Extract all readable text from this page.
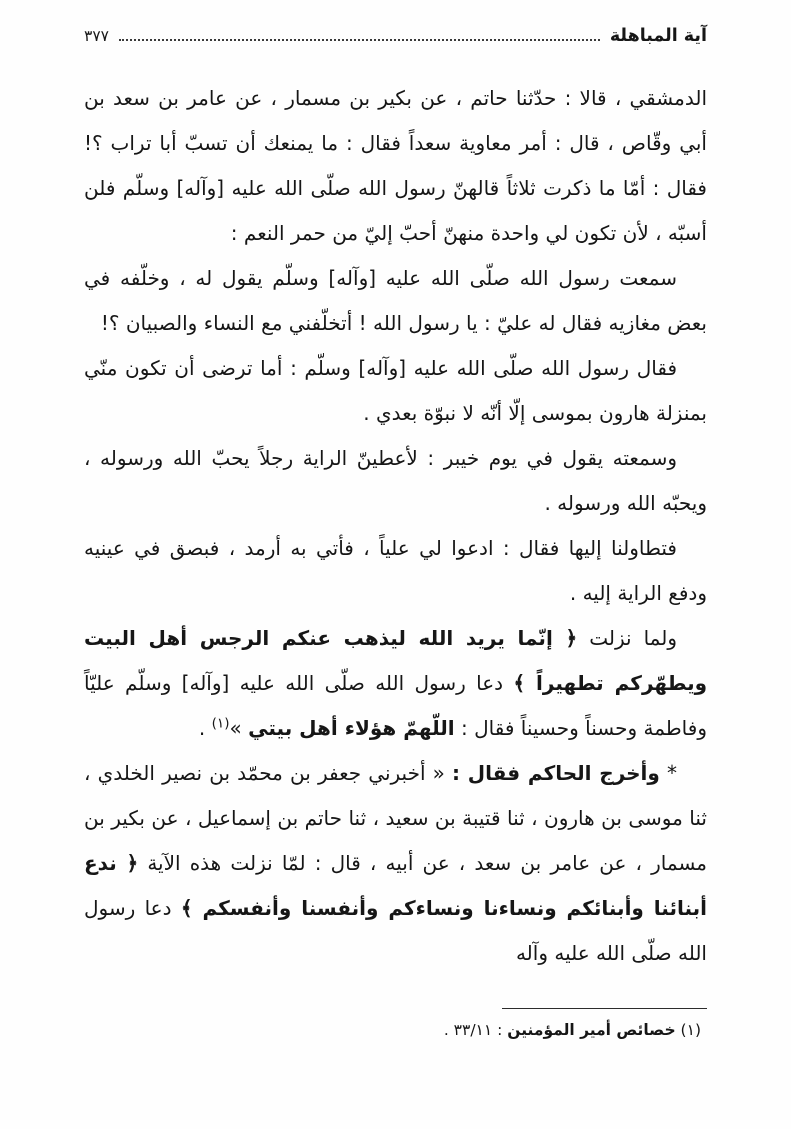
آية المباهلة
٣٧٧

الدمشقي ، قالا : حدّثنا حاتم ، عن بكير بن مسمار ، عن عامر بن سعد بن أبي وقّاص ، قال : أمر معاوية سعداً فقال : ما يمنعك أن تسبّ أبا تراب ؟! فقال : أمّا ما ذكرت ثلاثاً قالهنّ رسول الله صلّى الله عليه [وآله] وسلّم فلن أسبّه ، لأن تكون لي واحدة منهنّ أحبّ إليّ من حمر النعم :

سمعت رسول الله صلّى الله عليه [وآله] وسلّم يقول له ، وخلّفه في بعض مغازيه فقال له عليّ : يا رسول الله ! أتخلّفني مع النساء والصبيان ؟!

فقال رسول الله صلّى الله عليه [وآله] وسلّم : أما ترضى أن تكون منّي بمنزلة هارون بموسى إلّا أنّه لا نبوّة بعدي .

وسمعته يقول في يوم خيبر : لأعطينّ الراية رجلاً يحبّ الله ورسوله ، ويحبّه الله ورسوله .

فتطاولنا إليها فقال : ادعوا لي علياً ، فأتي به أرمد ، فبصق في عينيه ودفع الراية إليه .

ولما نزلت ﴿ إنّما يريد الله ليذهب عنكم الرجس أهل البيت ويطهّركم تطهيراً ﴾ دعا رسول الله صلّى الله عليه [وآله] وسلّم عليّاً وفاطمة وحسناً وحسيناً فقال : اللّهمّ هؤلاء أهل بيتي »$^{(١)}$ .

* وأخرج الحاكم فقال : « أخبرني جعفر بن محمّد بن نصير الخلدي ، ثنا موسى بن هارون ، ثنا قتيبة بن سعيد ، ثنا حاتم بن إسماعيل ، عن بكير بن مسمار ، عن عامر بن سعد ، عن أبيه ، قال : لمّا نزلت هذه الآية ﴿ ندع أبنائنا وأبنائكم ونساءنا ونساءكم وأنفسنا وأنفسكم ﴾ دعا رسول الله صلّى الله عليه وآله

(١) خصائص أمير المؤمنين : ٣٣/١١ .
